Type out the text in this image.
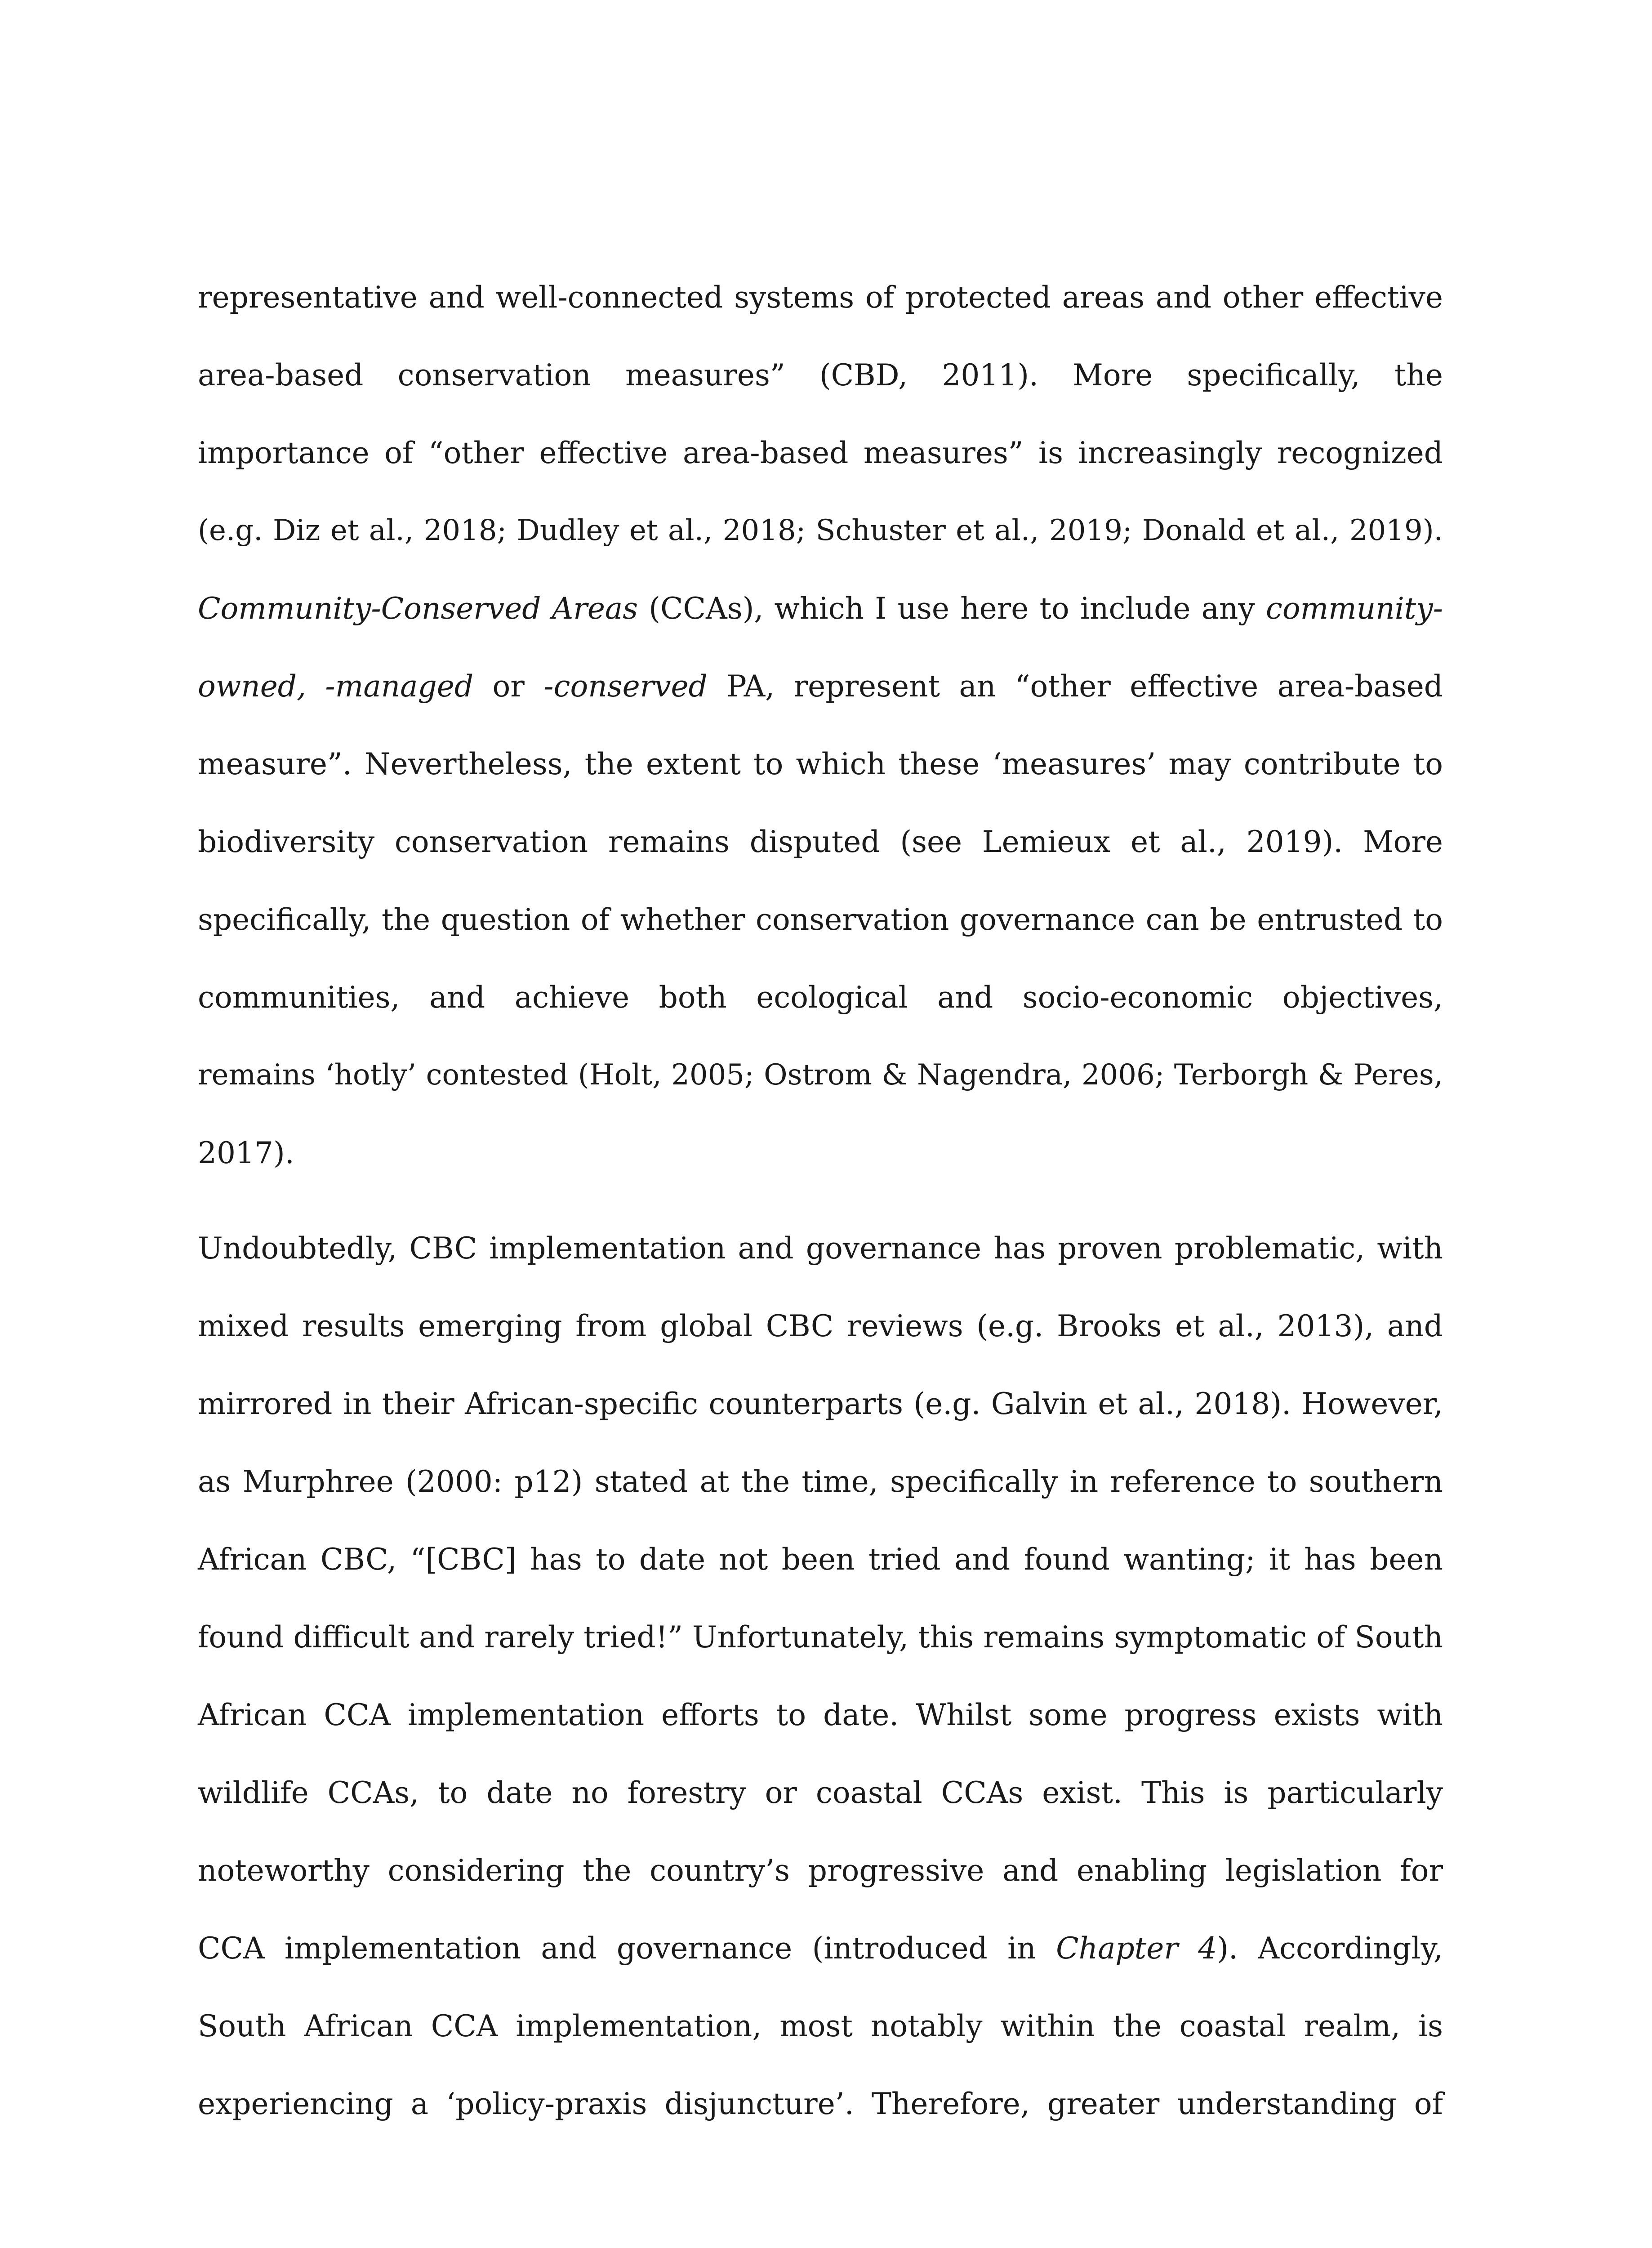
representative and well-connected systems of protected areas and other effective
area-based conservation measures” (CBD, 2011). More specifically, the
importance of “other effective area-based measures” is increasingly recognized
(e.g. Diz et al., 2018; Dudley et al., 2018; Schuster et al., 2019; Donald et al., 2019).
Community-Conserved Areas (CCAs), which I use here to include any community-
owned, -managed or -conserved PA, represent an “other effective area-based
measure”. Nevertheless, the extent to which these ‘measures’ may contribute to
biodiversity conservation remains disputed (see Lemieux et al., 2019). More
specifically, the question of whether conservation governance can be entrusted to
communities, and achieve both ecological and socio-economic objectives,
remains ‘hotly’ contested (Holt, 2005; Ostrom & Nagendra, 2006; Terborgh & Peres,
2017).
Undoubtedly, CBC implementation and governance has proven problematic, with
mixed results emerging from global CBC reviews (e.g. Brooks et al., 2013), and
mirrored in their African-specific counterparts (e.g. Galvin et al., 2018). However,
as Murphree (2000: p12) stated at the time, specifically in reference to southern
African CBC, “[CBC] has to date not been tried and found wanting; it has been
found difficult and rarely tried!” Unfortunately, this remains symptomatic of South
African CCA implementation efforts to date. Whilst some progress exists with
wildlife CCAs, to date no forestry or coastal CCAs exist. This is particularly
noteworthy considering the country’s progressive and enabling legislation for
CCA implementation and governance (introduced in Chapter 4). Accordingly,
South African CCA implementation, most notably within the coastal realm, is
experiencing a ‘policy-praxis disjuncture’. Therefore, greater understanding of
